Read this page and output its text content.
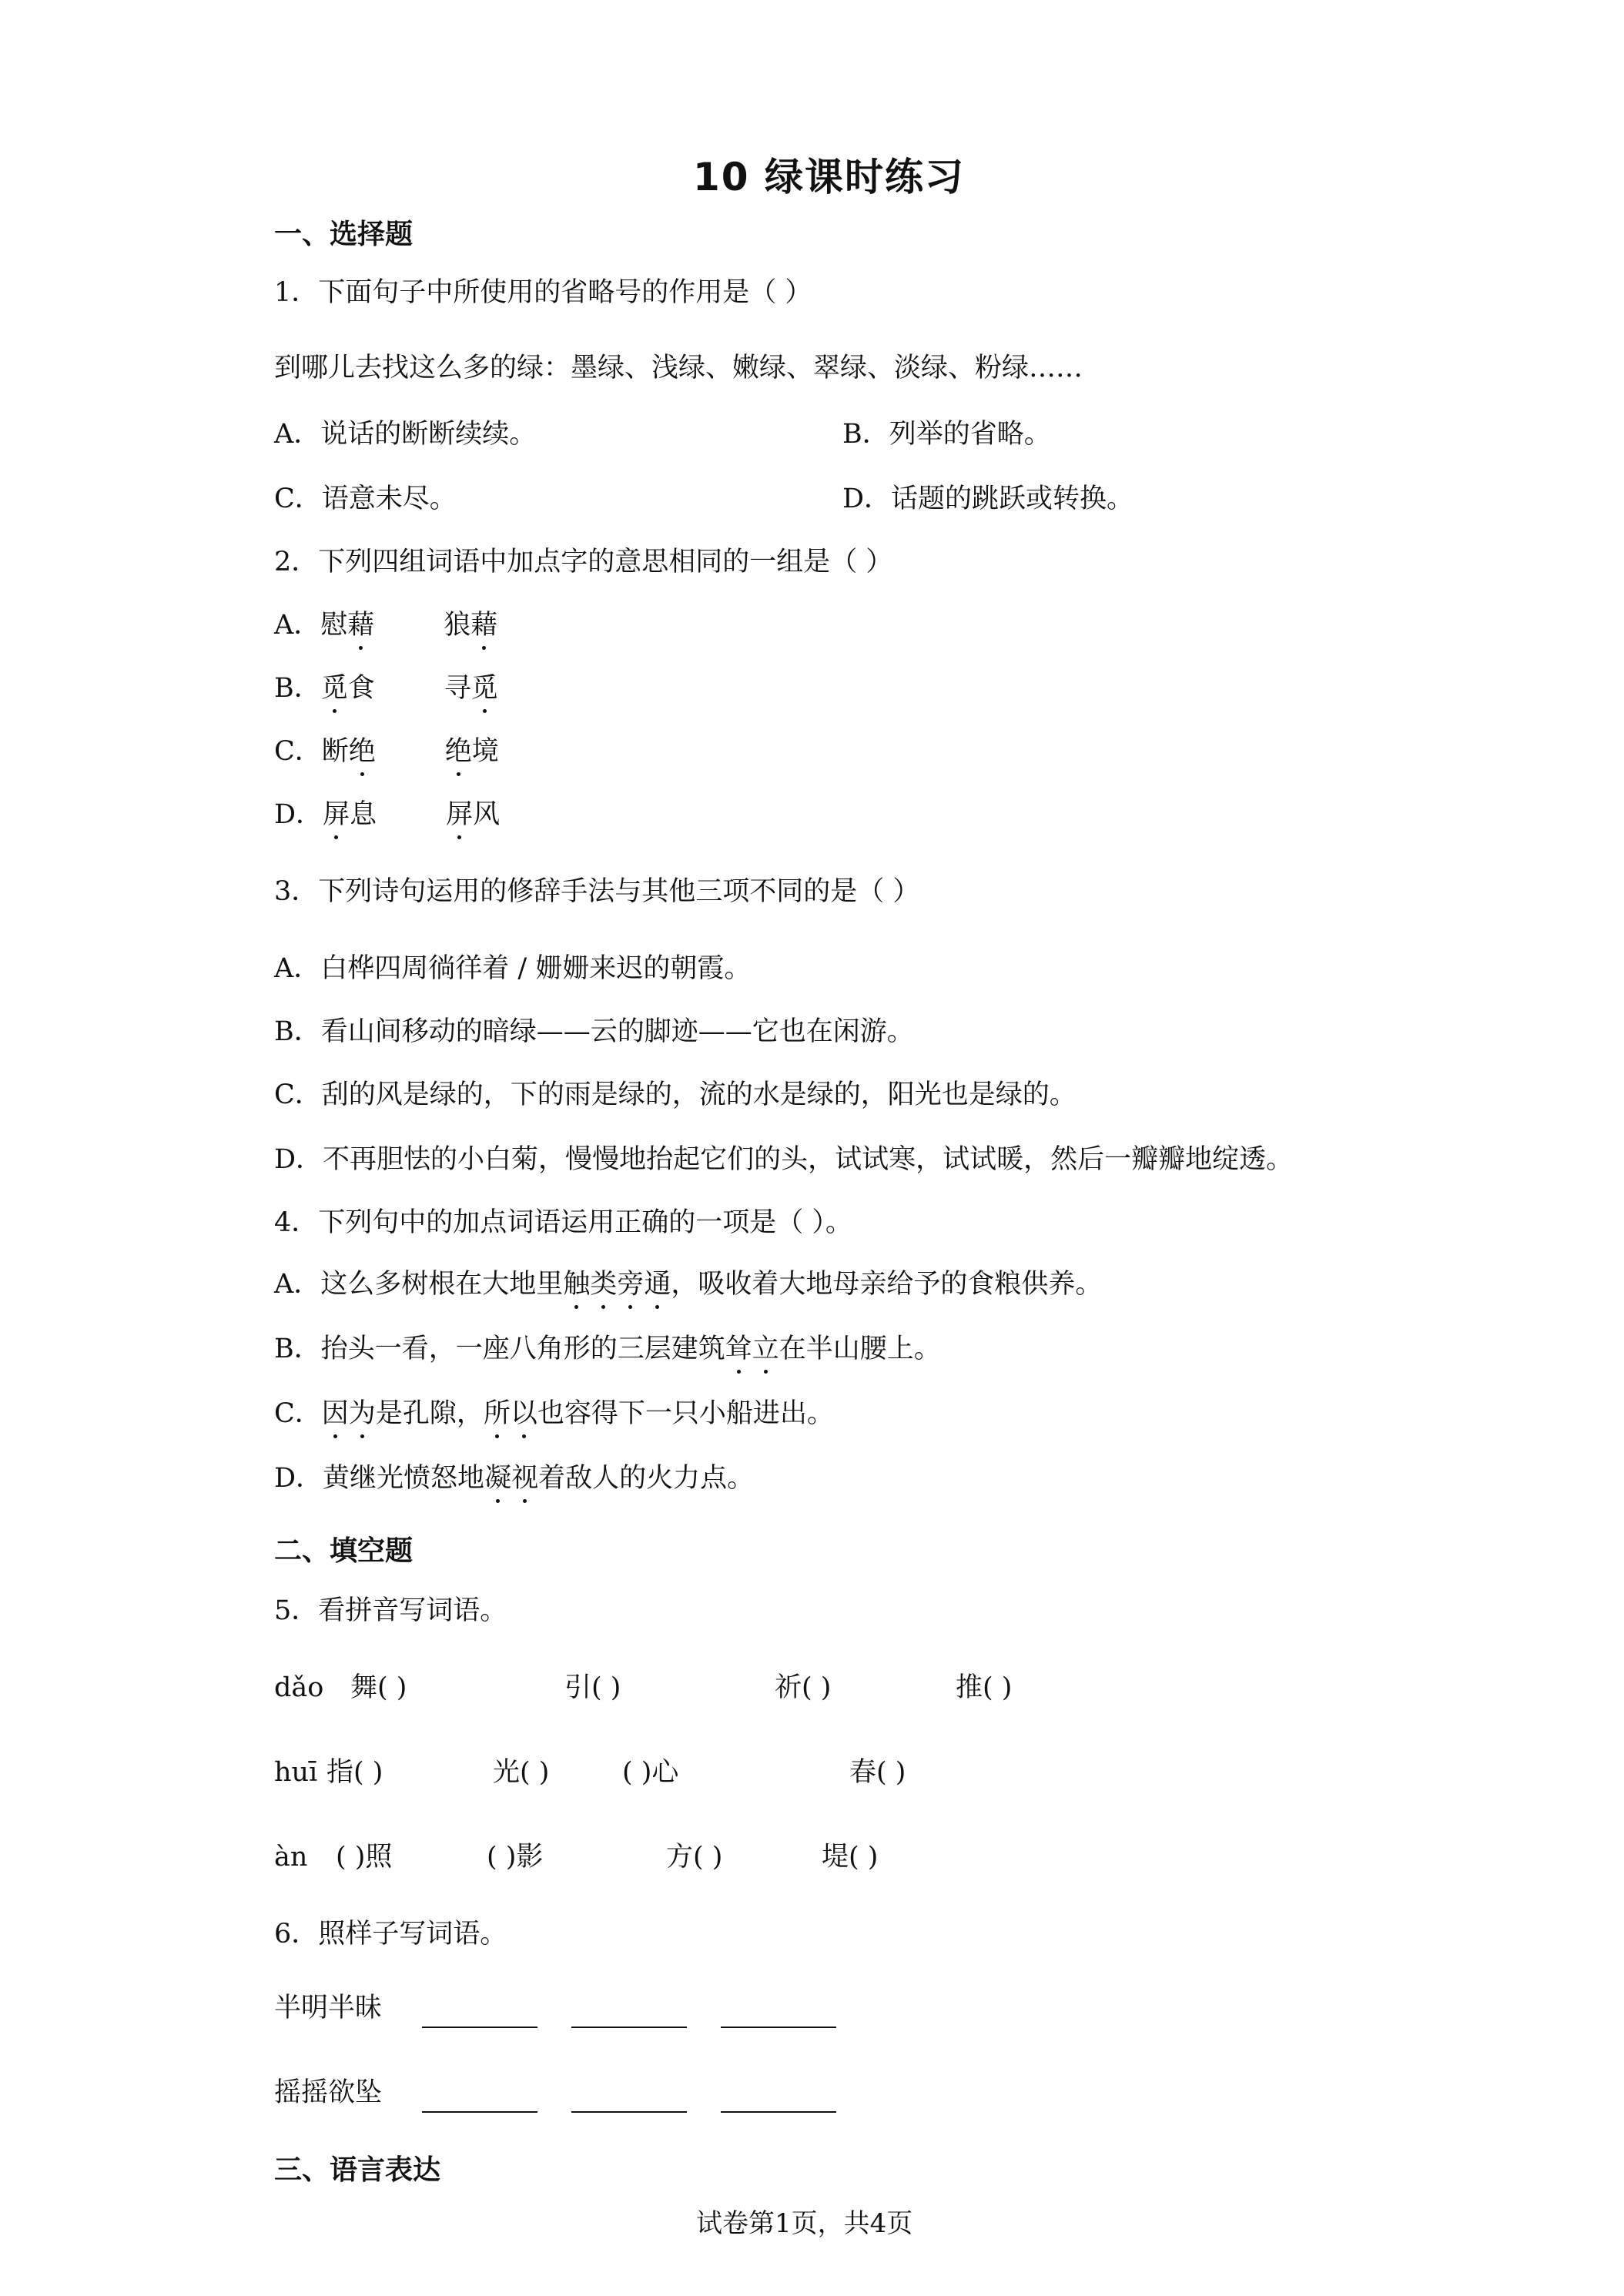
10 绿课时练习
一、选择题
1．下面句子中所使用的省略号的作用是（ ）
到哪儿去找这么多的绿：墨绿、浅绿、嫩绿、翠绿、淡绿、粉绿……
A．说话的断断续续。	B．列举的省略。
C．语意未尽。	D．话题的跳跃或转换。
2．下列四组词语中加点字的意思相同的一组是（ ）
A．慰藉	狼藉
B．觅食	寻觅
C．断绝	绝境
D．屏息	屏风
3．下列诗句运用的修辞手法与其他三项不同的是（ ）
A．白桦四周徜徉着 / 姗姗来迟的朝霞。
B．看山间移动的暗绿——云的脚迹——它也在闲游。
C．刮的风是绿的，下的雨是绿的，流的水是绿的，阳光也是绿的。
D．不再胆怯的小白菊，慢慢地抬起它们的头，试试寒，试试暖，然后一瓣瓣地绽透。
4．下列句中的加点词语运用正确的一项是（ ）。
A．这么多树根在大地里触类旁通，吸收着大地母亲给予的食粮供养。
B．抬头一看，一座八角形的三层建筑耸立在半山腰上。
C．因为是孔隙，所以也容得下一只小船进出。
D．黄继光愤怒地凝视着敌人的火力点。
二、填空题
5．看拼音写词语。
dǎo 舞( )	引( )	祈( )	推( )
huī 指( )	光( )	( )心	春( )
àn ( )照	( )影	方( )	堤( )
6．照样子写词语。
半明半昧
摇摇欲坠
三、语言表达
试卷第1页，共4页
